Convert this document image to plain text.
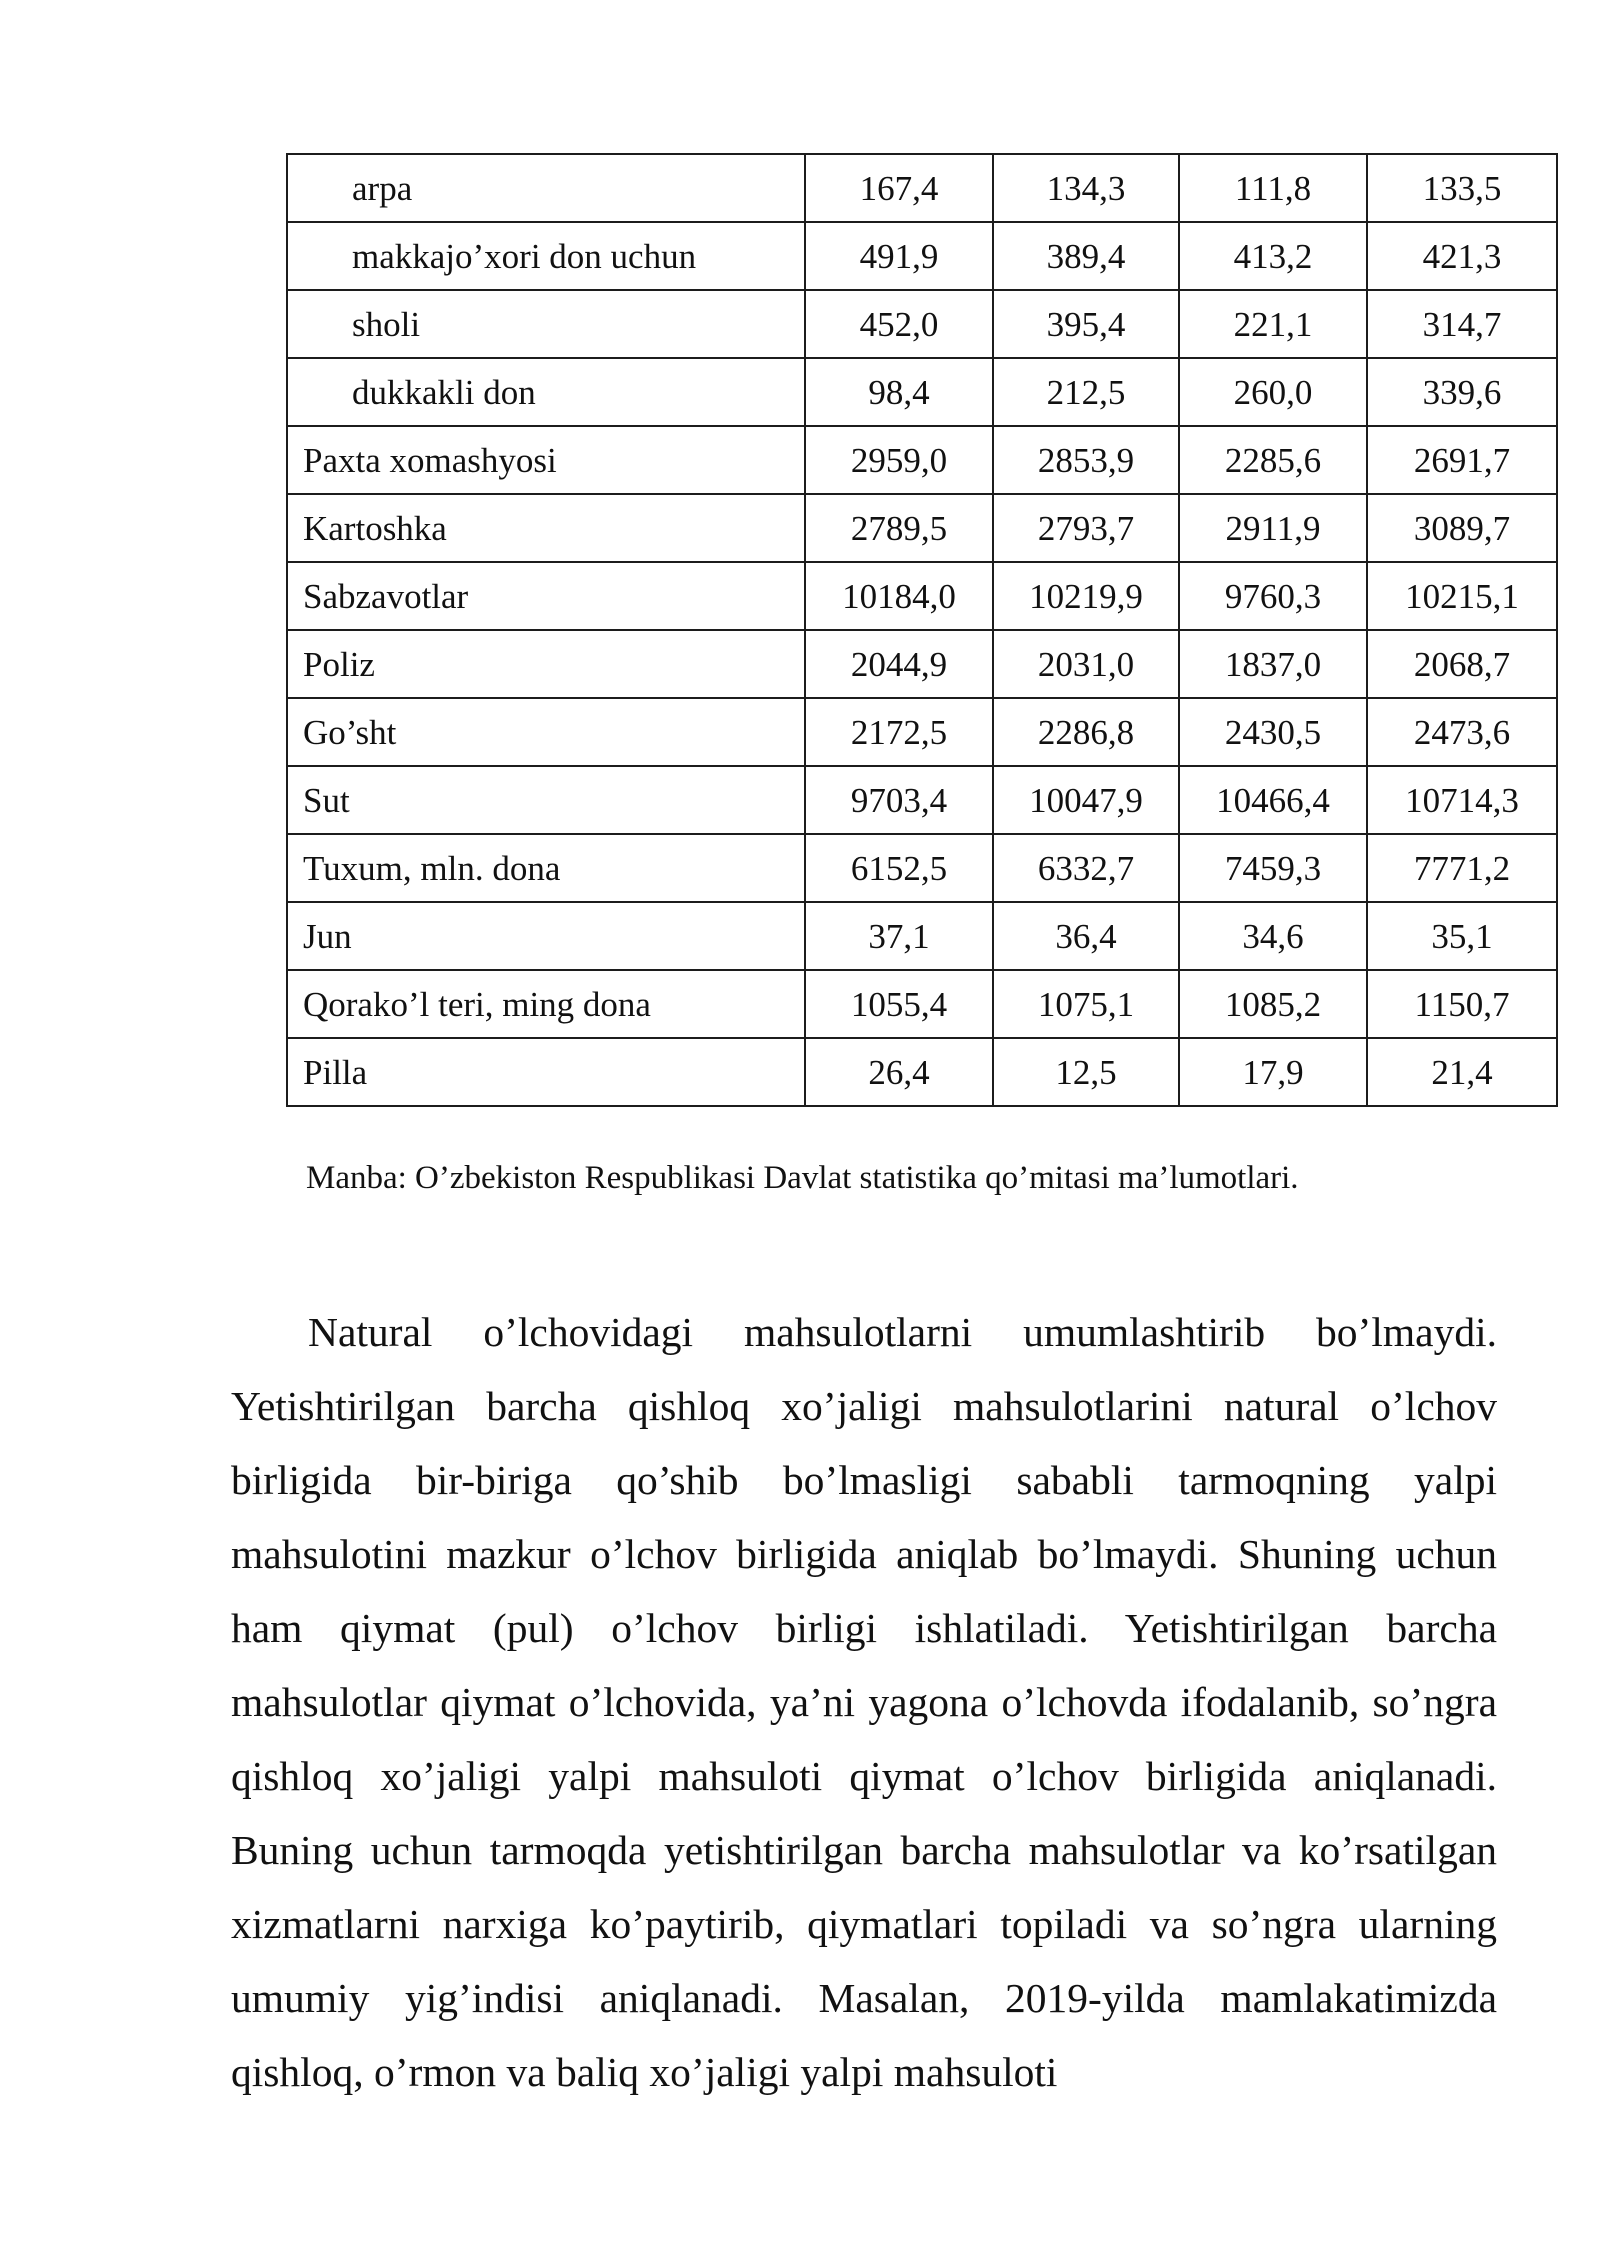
arpa	167,4	134,3	111,8	133,5
makkajo’xori don uchun	491,9	389,4	413,2	421,3
sholi	452,0	395,4	221,1	314,7
dukkakli don	98,4	212,5	260,0	339,6
Paxta xomashyosi	2959,0	2853,9	2285,6	2691,7
Kartoshka	2789,5	2793,7	2911,9	3089,7
Sabzavotlar	10184,0	10219,9	9760,3	10215,1
Poliz	2044,9	2031,0	1837,0	2068,7
Go’sht	2172,5	2286,8	2430,5	2473,6
Sut	9703,4	10047,9	10466,4	10714,3
Tuxum, mln. dona	6152,5	6332,7	7459,3	7771,2
Jun	37,1	36,4	34,6	35,1
Qorako’l teri, ming dona	1055,4	1075,1	1085,2	1150,7
Pilla	26,4	12,5	17,9	21,4
Manba: O’zbekiston Respublikasi Davlat statistika qo’mitasi ma’lumotlari.

Natural o’lchovidagi mahsulotlarni umumlashtirib bo’lmaydi. Yetishtirilgan barcha qishloq xo’jaligi mahsulotlarini natural o’lchov birligida bir-biriga qo’shib bo’lmasligi sababli tarmoqning yalpi mahsulotini mazkur o’lchov birligida aniqlab bo’lmaydi. Shuning uchun ham qiymat (pul) o’lchov birligi ishlatiladi. Yetishtirilgan barcha mahsulotlar qiymat o’lchovida, ya’ni yagona o’lchovda ifodalanib, so’ngra qishloq xo’jaligi yalpi mahsuloti qiymat o’lchov birligida aniqlanadi. Buning uchun tarmoqda yetishtirilgan barcha mahsulotlar va ko’rsatilgan xizmatlarni narxiga ko’paytirib, qiymatlari topiladi va so’ngra ularning umumiy yig’indisi aniqlanadi. Masalan, 2019-yilda mamlakatimizda qishloq, o’rmon va baliq xo’jaligi yalpi mahsuloti
